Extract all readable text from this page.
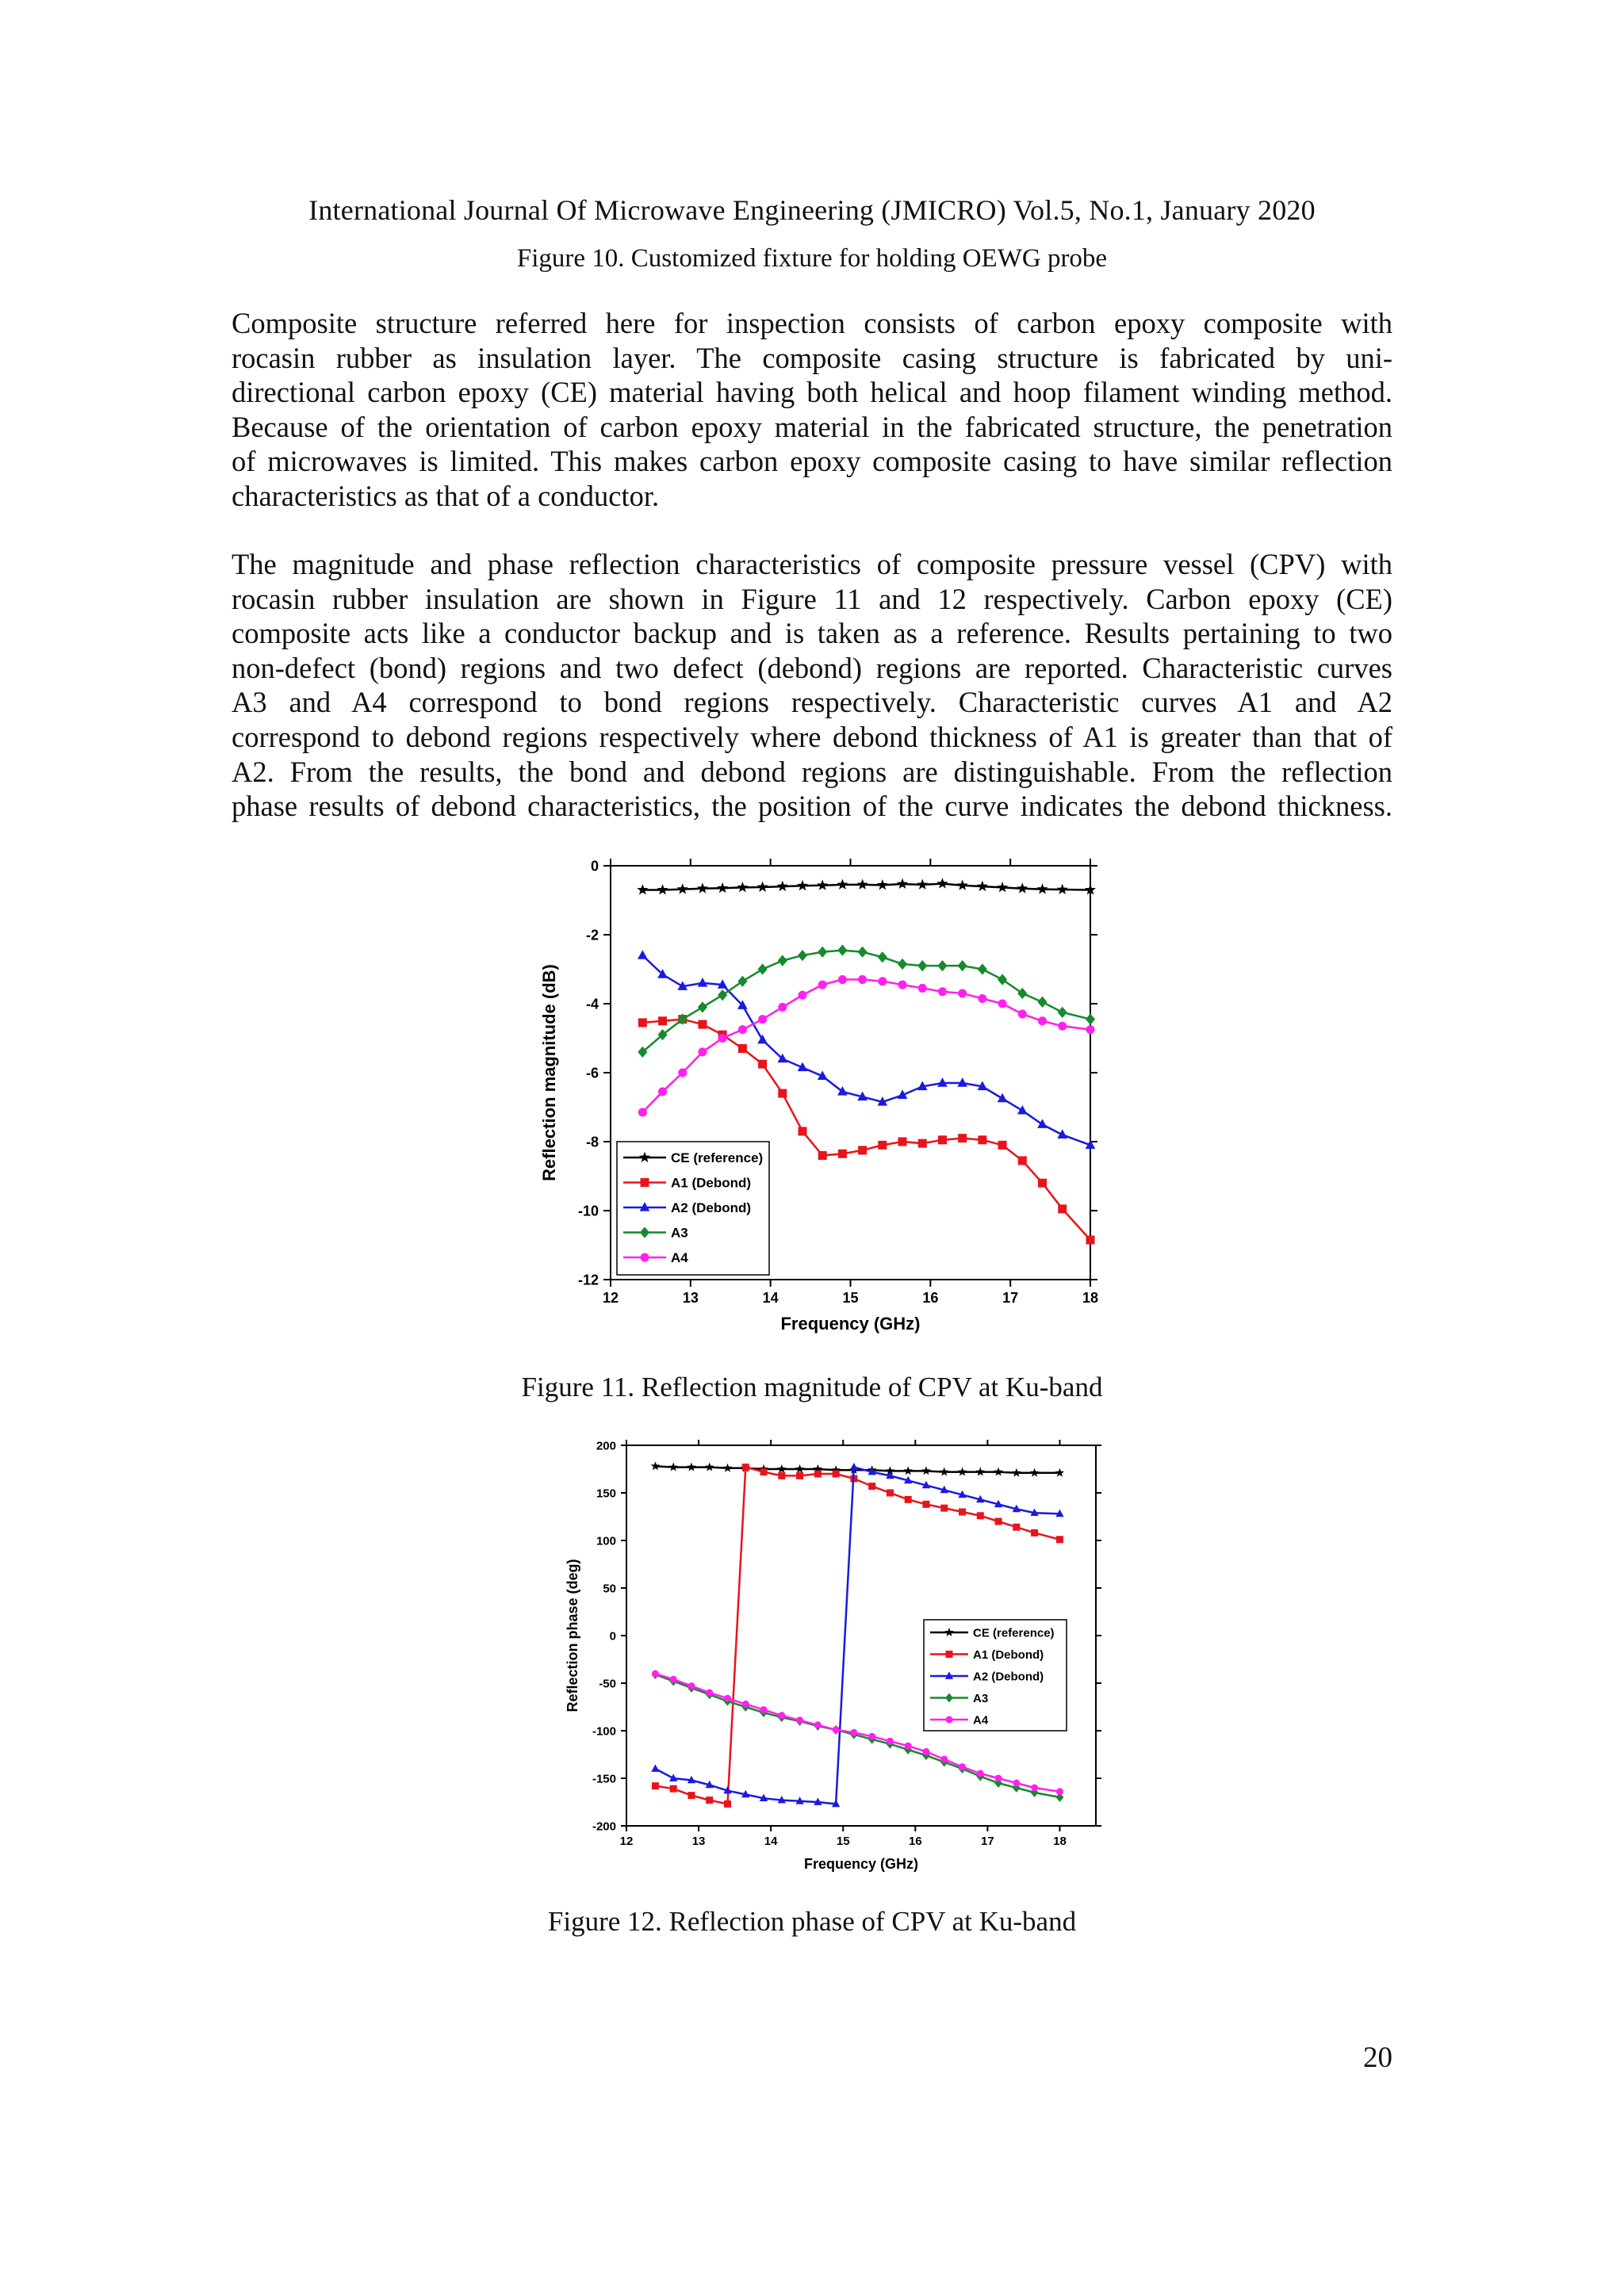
International Journal Of Microwave Engineering (JMICRO) Vol.5, No.1, January 2020
Figure 10. Customized fixture for holding OEWG probe
Composite structure referred here for inspection consists of carbon epoxy composite with
rocasin rubber as insulation layer. The composite casing structure is fabricated by uni-
directional carbon epoxy (CE) material having both helical and hoop filament winding method.
Because of the orientation of carbon epoxy material in the fabricated structure, the penetration
of microwaves is limited. This makes carbon epoxy composite casing to have similar reflection
characteristics as that of a conductor.
The magnitude and phase reflection characteristics of composite pressure vessel (CPV) with
rocasin rubber insulation are shown in Figure 11 and 12 respectively. Carbon epoxy (CE)
composite acts like a conductor backup and is taken as a reference. Results pertaining to two
non-defect (bond) regions and two defect (debond) regions are reported. Characteristic curves
A3 and A4 correspond to bond regions respectively. Characteristic curves A1 and A2
correspond to debond regions respectively where debond thickness of A1 is greater than that of
A2. From the results, the bond and debond regions are distinguishable. From the reflection
phase results of debond characteristics, the position of the curve indicates the debond thickness.
12	13	14	15	16	17	18
0
-2
-4
-6
-8
-10
-12
Frequency (GHz)
Reflection magnitude (dB)	CE (reference)
A1 (Debond)
A2 (Debond)
A3
A4
Figure 11. Reflection magnitude of CPV at Ku-band
12	13	14	15	16	17	18
200
150
100
50
0
-50
-100
-150
-200
Frequency (GHz)
Reflection phase (deg)	CE (reference)
A1 (Debond)
A2 (Debond)
A3
A4
Figure 12. Reflection phase of CPV at Ku-band
20
